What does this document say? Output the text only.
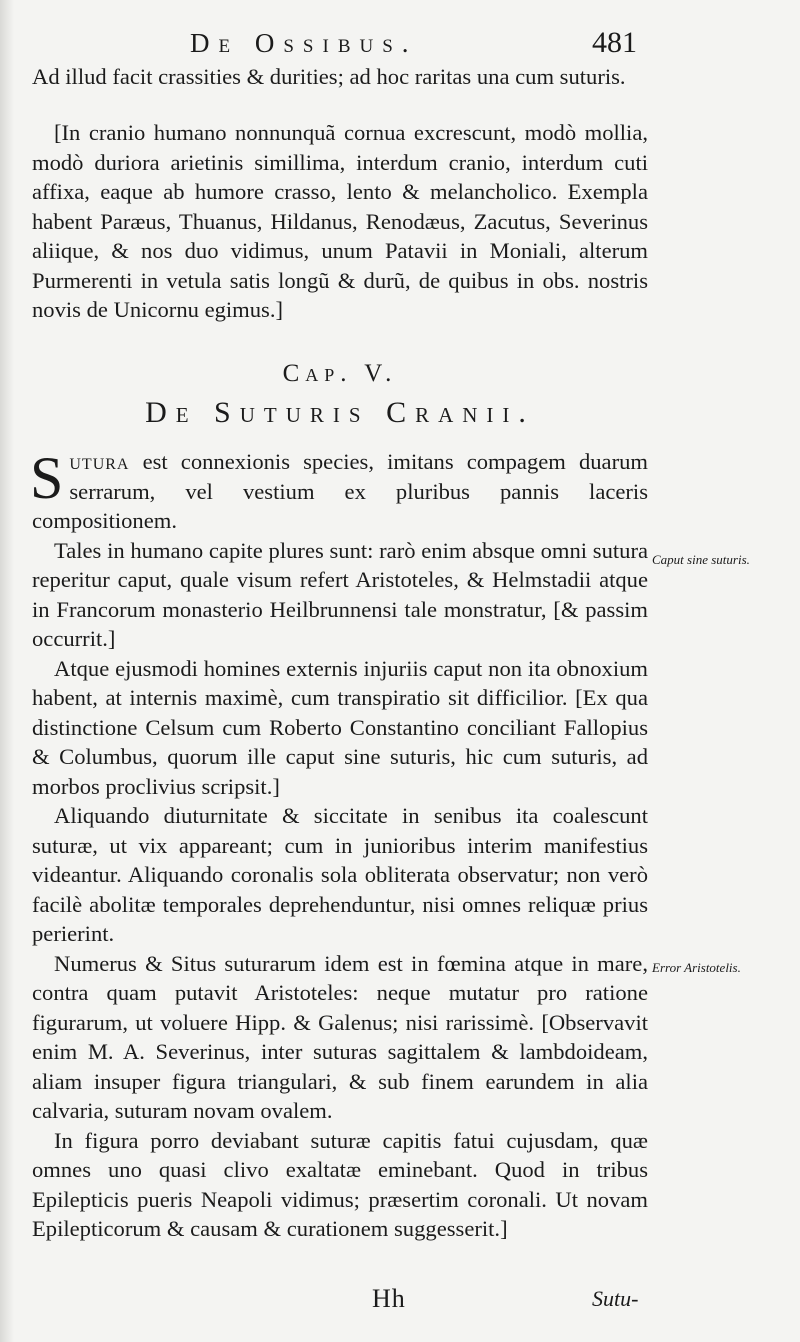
De Ossibus.	481

Ad illud facit crassities & durities; ad hoc raritas una cum suturis.

[In cranio humano nonnunquã cornua excrescunt, modò mollia, modò duriora arietinis simillima, interdum cranio, interdum cuti affixa, eaque ab humore crasso, lento & melancholico. Exempla habent Paræus, Thuanus, Hildanus, Renodæus, Zacutus, Severinus aliique, & nos duo vidimus, unum Patavii in Moniali, alterum Purmerenti in vetula satis longũ & durũ, de quibus in obs. nostris novis de Unicornu egimus.]

Cap. V.
De Suturis Cranii.

Sutura est connexionis species, imitans compagem duarum serrarum, vel vestium ex pluribus pannis laceris compositionem.

Tales in humano capite plures sunt: rarò enim absque omni sutura reperitur caput, quale visum refert Aristoteles, & Helmstadii atque in Francorum monasterio Heilbrunnensi tale monstratur, [& passim occurrit.]

Atque ejusmodi homines externis injuriis caput non ita obnoxium habent, at internis maximè, cum transpiratio sit difficilior. [Ex qua distinctione Celsum cum Roberto Constantino conciliant Fallopius & Columbus, quorum ille caput sine suturis, hic cum suturis, ad morbos proclivius scripsit.]

Aliquando diuturnitate & siccitate in senibus ita coalescunt suturæ, ut vix appareant; cum in junioribus interim manifestius videantur. Aliquando coronalis sola obliterata observatur; non verò facilè abolitæ temporales deprehenduntur, nisi omnes reliquæ prius perierint.

Numerus & Situs suturarum idem est in fœmina atque in mare, contra quam putavit Aristoteles: neque mutatur pro ratione figurarum, ut voluere Hipp. & Galenus; nisi rarissimè. [Observavit enim M. A. Severinus, inter suturas sagittalem & lambdoideam, aliam insuper figura triangulari, & sub finem earundem in alia calvaria, suturam novam ovalem.

In figura porro deviabant suturæ capitis fatui cujusdam, quæ omnes uno quasi clivo exaltatæ eminebant. Quod in tribus Epilepticis pueris Neapoli vidimus; præsertim coronali. Ut novam Epilepticorum & causam & curationem suggesserit.]

Caput sine suturis.
Error Aristotelis.
Hh	Sutu-
